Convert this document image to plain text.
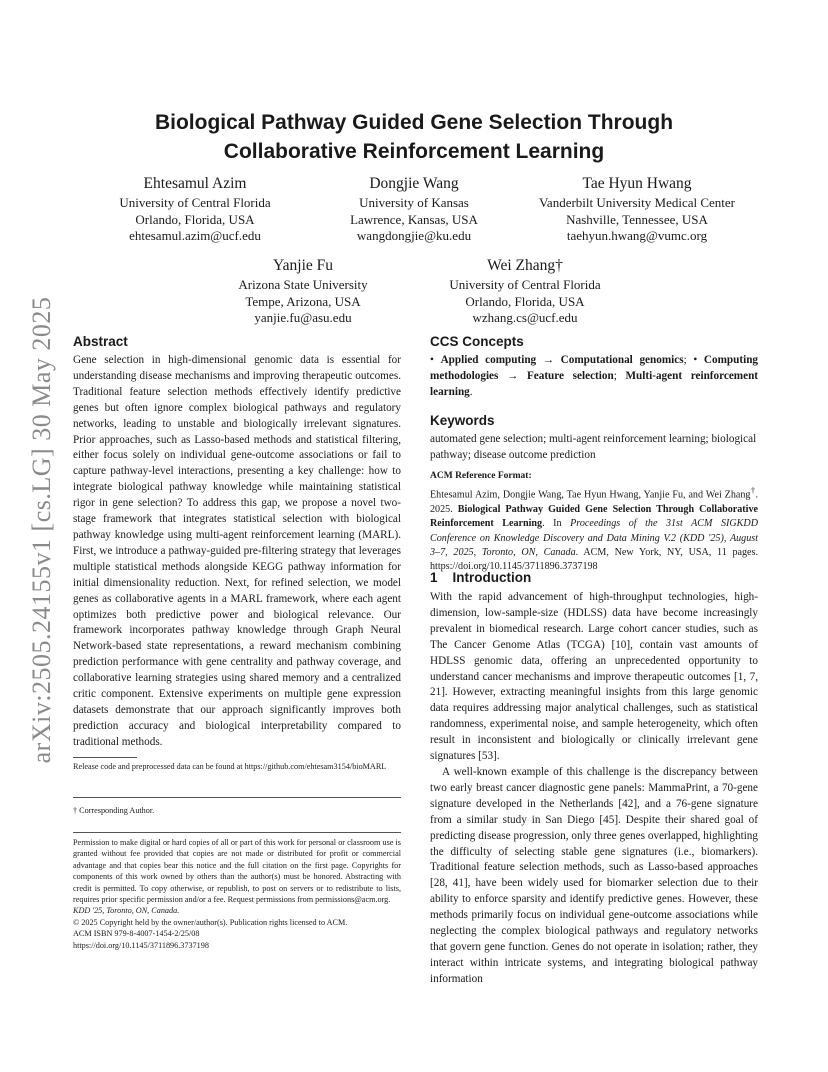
arXiv:2505.24155v1 [cs.LG] 30 May 2025
Biological Pathway Guided Gene Selection Through
Collaborative Reinforcement Learning
Ehtesamul Azim
University of Central Florida
Orlando, Florida, USA
ehtesamul.azim@ucf.edu
Dongjie Wang
University of Kansas
Lawrence, Kansas, USA
wangdongjie@ku.edu
Tae Hyun Hwang
Vanderbilt University Medical Center
Nashville, Tennessee, USA
taehyun.hwang@vumc.org
Yanjie Fu
Arizona State University
Tempe, Arizona, USA
yanjie.fu@asu.edu
Wei Zhang†
University of Central Florida
Orlando, Florida, USA
wzhang.cs@ucf.edu
Abstract

Gene selection in high-dimensional genomic data is essential for understanding disease mechanisms and improving therapeutic outcomes. Traditional feature selection methods effectively identify predictive genes but often ignore complex biological pathways and regulatory networks, leading to unstable and biologically irrelevant signatures. Prior approaches, such as Lasso-based methods and statistical filtering, either focus solely on individual gene-outcome associations or fail to capture pathway-level interactions, presenting a key challenge: how to integrate biological pathway knowledge while maintaining statistical rigor in gene selection? To address this gap, we propose a novel two-stage framework that integrates statistical selection with biological pathway knowledge using multi-agent reinforcement learning (MARL). First, we introduce a pathway-guided pre-filtering strategy that leverages multiple statistical methods alongside KEGG pathway information for initial dimensionality reduction. Next, for refined selection, we model genes as collaborative agents in a MARL framework, where each agent optimizes both predictive power and biological relevance. Our framework incorporates pathway knowledge through Graph Neural Network-based state representations, a reward mechanism combining prediction performance with gene centrality and pathway coverage, and collaborative learning strategies using shared memory and a centralized critic component. Extensive experiments on multiple gene expression datasets demonstrate that our approach significantly improves both prediction accuracy and biological interpretability compared to traditional methods.

Release code and preprocessed data can be found at https://github.com/ehtesam3154/bioMARL

† Corresponding Author.

Permission to make digital or hard copies of all or part of this work for personal or classroom use is granted without fee provided that copies are not made or distributed for profit or commercial advantage and that copies bear this notice and the full citation on the first page. Copyrights for components of this work owned by others than the author(s) must be honored. Abstracting with credit is permitted. To copy otherwise, or republish, to post on servers or to redistribute to lists, requires prior specific permission and/or a fee. Request permissions from permissions@acm.org.

KDD '25, Toronto, ON, Canada.
© 2025 Copyright held by the owner/author(s). Publication rights licensed to ACM.
ACM ISBN 979-8-4007-1454-2/25/08
https://doi.org/10.1145/3711896.3737198
CCS Concepts

• Applied computing → Computational genomics; • Computing methodologies → Feature selection; Multi-agent reinforcement learning.

Keywords

automated gene selection; multi-agent reinforcement learning; biological pathway; disease outcome prediction

ACM Reference Format:

Ehtesamul Azim, Dongjie Wang, Tae Hyun Hwang, Yanjie Fu, and Wei Zhang†. 2025. Biological Pathway Guided Gene Selection Through Collaborative Reinforcement Learning. In Proceedings of the 31st ACM SIGKDD Conference on Knowledge Discovery and Data Mining V.2 (KDD '25), August 3–7, 2025, Toronto, ON, Canada. ACM, New York, NY, USA, 11 pages. https://doi.org/10.1145/3711896.3737198

1    Introduction

With the rapid advancement of high-throughput technologies, high-dimension, low-sample-size (HDLSS) data have become increasingly prevalent in biomedical research. Large cohort cancer studies, such as The Cancer Genome Atlas (TCGA) [10], contain vast amounts of HDLSS genomic data, offering an unprecedented opportunity to understand cancer mechanisms and improve therapeutic outcomes [1, 7, 21]. However, extracting meaningful insights from this large genomic data requires addressing major analytical challenges, such as statistical randomness, experimental noise, and sample heterogeneity, which often result in inconsistent and biologically or clinically irrelevant gene signatures [53].

A well-known example of this challenge is the discrepancy between two early breast cancer diagnostic gene panels: MammaPrint, a 70-gene signature developed in the Netherlands [42], and a 76-gene signature from a similar study in San Diego [45]. Despite their shared goal of predicting disease progression, only three genes overlapped, highlighting the difficulty of selecting stable gene signatures (i.e., biomarkers). Traditional feature selection methods, such as Lasso-based approaches [28, 41], have been widely used for biomarker selection due to their ability to enforce sparsity and identify predictive genes. However, these methods primarily focus on individual gene-outcome associations while neglecting the complex biological pathways and regulatory networks that govern gene function. Genes do not operate in isolation; rather, they interact within intricate systems, and integrating biological pathway information
